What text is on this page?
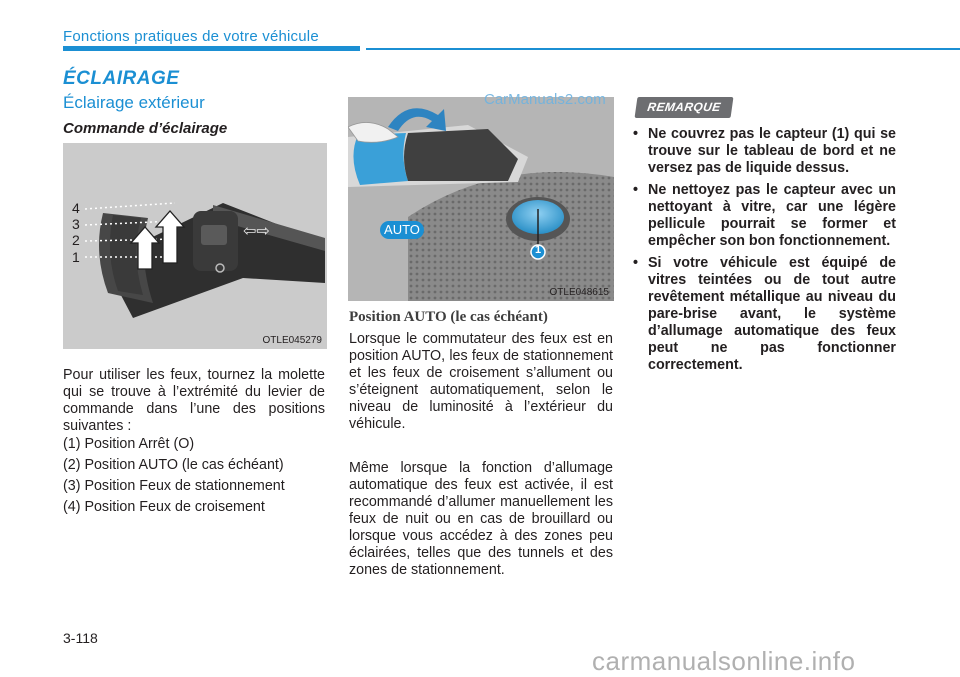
Fonctions pratiques de votre véhicule
ÉCLAIRAGE
Éclairage extérieur
Commande d’éclairage
⇦⇨
4
3
2
1
OTLE045279
Pour utiliser les feux, tournez la molette qui se trouve à l’extrémité du levier de commande dans l’une des positions suivantes :
(1) Position Arrêt (O)
(2) Position AUTO (le cas échéant)
(3) Position Feux de stationnement
(4) Position Feux de croisement
AUTO
1
OTLE048615
Position AUTO (le cas échéant)
Lorsque le commutateur des feux est en position AUTO, les feux de stationnement et les feux de croisement s’allument ou s’éteignent automatiquement, selon le niveau de luminosité à l’extérieur du véhicule.
Même lorsque la fonction d’allumage automatique des feux est activée, il est recommandé d’allumer manuellement les feux de nuit ou en cas de brouillard ou lorsque vous accédez à des zones peu éclairées, telles que des tunnels et des zones de stationnement.
REMARQUE
• Ne couvrez pas le capteur (1) qui se trouve sur le tableau de bord et ne versez pas de liquide dessus.
• Ne nettoyez pas le capteur avec un nettoyant à vitre, car une légère pellicule pourrait se former et empêcher son bon fonctionnement.
• Si votre véhicule est équipé de vitres teintées ou de tout autre revêtement métallique au niveau du pare-brise avant, le système d’allumage automatique des feux peut ne pas fonctionner correctement.
3-118
CarManuals2.com
carmanualsonline.info
